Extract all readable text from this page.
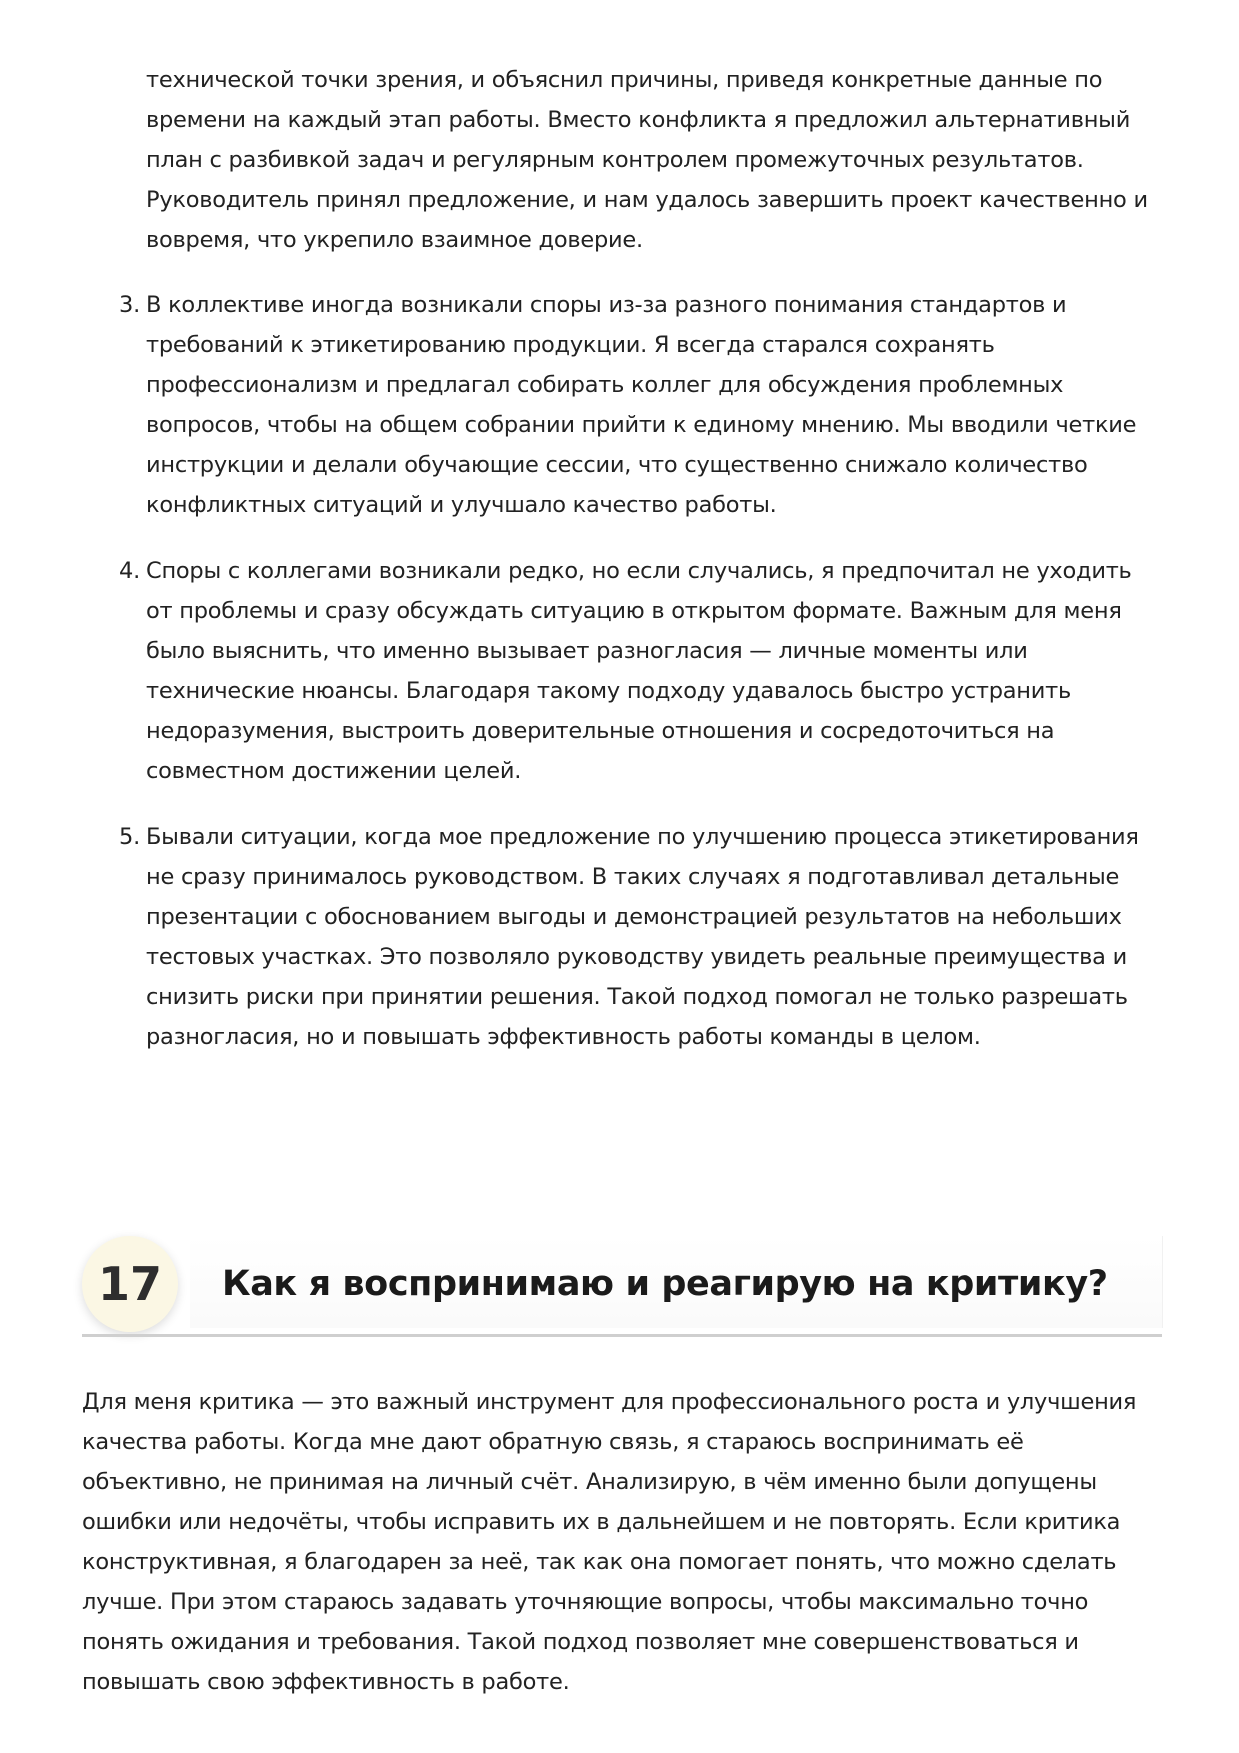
технической точки зрения, и объяснил причины, приведя конкретные данные по времени на каждый этап работы. Вместо конфликта я предложил альтернативный план с разбивкой задач и регулярным контролем промежуточных результатов. Руководитель принял предложение, и нам удалось завершить проект качественно и вовремя, что укрепило взаимное доверие.
3. В коллективе иногда возникали споры из-за разного понимания стандартов и требований к этикетированию продукции. Я всегда старался сохранять профессионализм и предлагал собирать коллег для обсуждения проблемных вопросов, чтобы на общем собрании прийти к единому мнению. Мы вводили четкие инструкции и делали обучающие сессии, что существенно снижало количество конфликтных ситуаций и улучшало качество работы.
4. Споры с коллегами возникали редко, но если случались, я предпочитал не уходить от проблемы и сразу обсуждать ситуацию в открытом формате. Важным для меня было выяснить, что именно вызывает разногласия — личные моменты или технические нюансы. Благодаря такому подходу удавалось быстро устранить недоразумения, выстроить доверительные отношения и сосредоточиться на совместном достижении целей.
5. Бывали ситуации, когда мое предложение по улучшению процесса этикетирования не сразу принималось руководством. В таких случаях я подготавливал детальные презентации с обоснованием выгоды и демонстрацией результатов на небольших тестовых участках. Это позволяло руководству увидеть реальные преимущества и снизить риски при принятии решения. Такой подход помогал не только разрешать разногласия, но и повышать эффективность работы команды в целом.
17	Как я воспринимаю и реагирую на критику?

Для меня критика — это важный инструмент для профессионального роста и улучшения качества работы. Когда мне дают обратную связь, я стараюсь воспринимать её объективно, не принимая на личный счёт. Анализирую, в чём именно были допущены ошибки или недочёты, чтобы исправить их в дальнейшем и не повторять. Если критика конструктивная, я благодарен за неё, так как она помогает понять, что можно сделать лучше. При этом стараюсь задавать уточняющие вопросы, чтобы максимально точно понять ожидания и требования. Такой подход позволяет мне совершенствоваться и повышать свою эффективность в работе.
